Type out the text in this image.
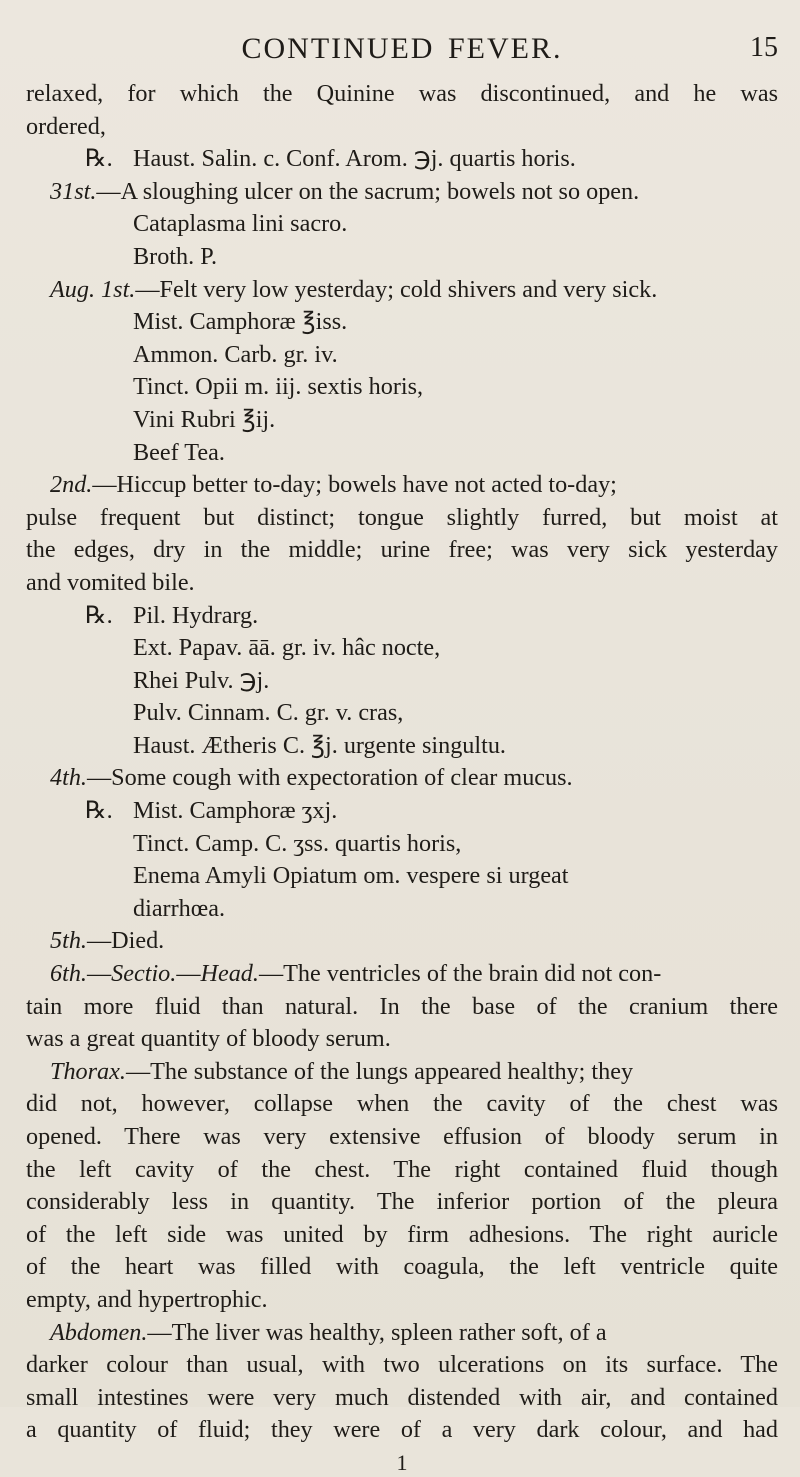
CONTINUED FEVER.	15
relaxed, for which the Quinine was discontinued, and he was
ordered,
℞. Haust. Salin. c. Conf. Arom. ℈j. quartis horis.
31st.—A sloughing ulcer on the sacrum; bowels not so open.
Cataplasma lini sacro.
Broth. P.
Aug. 1st.—Felt very low yesterday; cold shivers and very sick.
Mist. Camphoræ ℥iss.
Ammon. Carb. gr. iv.
Tinct. Opii m. iij. sextis horis,
Vini Rubri ℥ij.
Beef Tea.
2nd.—Hiccup better to-day; bowels have not acted to-day;
pulse frequent but distinct; tongue slightly furred, but moist at
the edges, dry in the middle; urine free; was very sick yesterday
and vomited bile.
℞. Pil. Hydrarg.
Ext. Papav. āā. gr. iv. hâc nocte,
Rhei Pulv. ℈j.
Pulv. Cinnam. C. gr. v. cras,
Haust. Ætheris C. ℥j. urgente singultu.
4th.—Some cough with expectoration of clear mucus.
℞. Mist. Camphoræ ʒxj.
Tinct. Camp. C. ʒss. quartis horis,
Enema Amyli Opiatum om. vespere si urgeat
diarrhœa.
5th.—Died.
6th.—Sectio.—Head.—The ventricles of the brain did not con-
tain more fluid than natural. In the base of the cranium there
was a great quantity of bloody serum.
Thorax.—The substance of the lungs appeared healthy; they
did not, however, collapse when the cavity of the chest was
opened. There was very extensive effusion of bloody serum in
the left cavity of the chest. The right contained fluid though
considerably less in quantity. The inferior portion of the pleura
of the left side was united by firm adhesions. The right auricle
of the heart was filled with coagula, the left ventricle quite
empty, and hypertrophic.
Abdomen.—The liver was healthy, spleen rather soft, of a
darker colour than usual, with two ulcerations on its surface. The
small intestines were very much distended with air, and contained
a quantity of fluid; they were of a very dark colour, and had
1
